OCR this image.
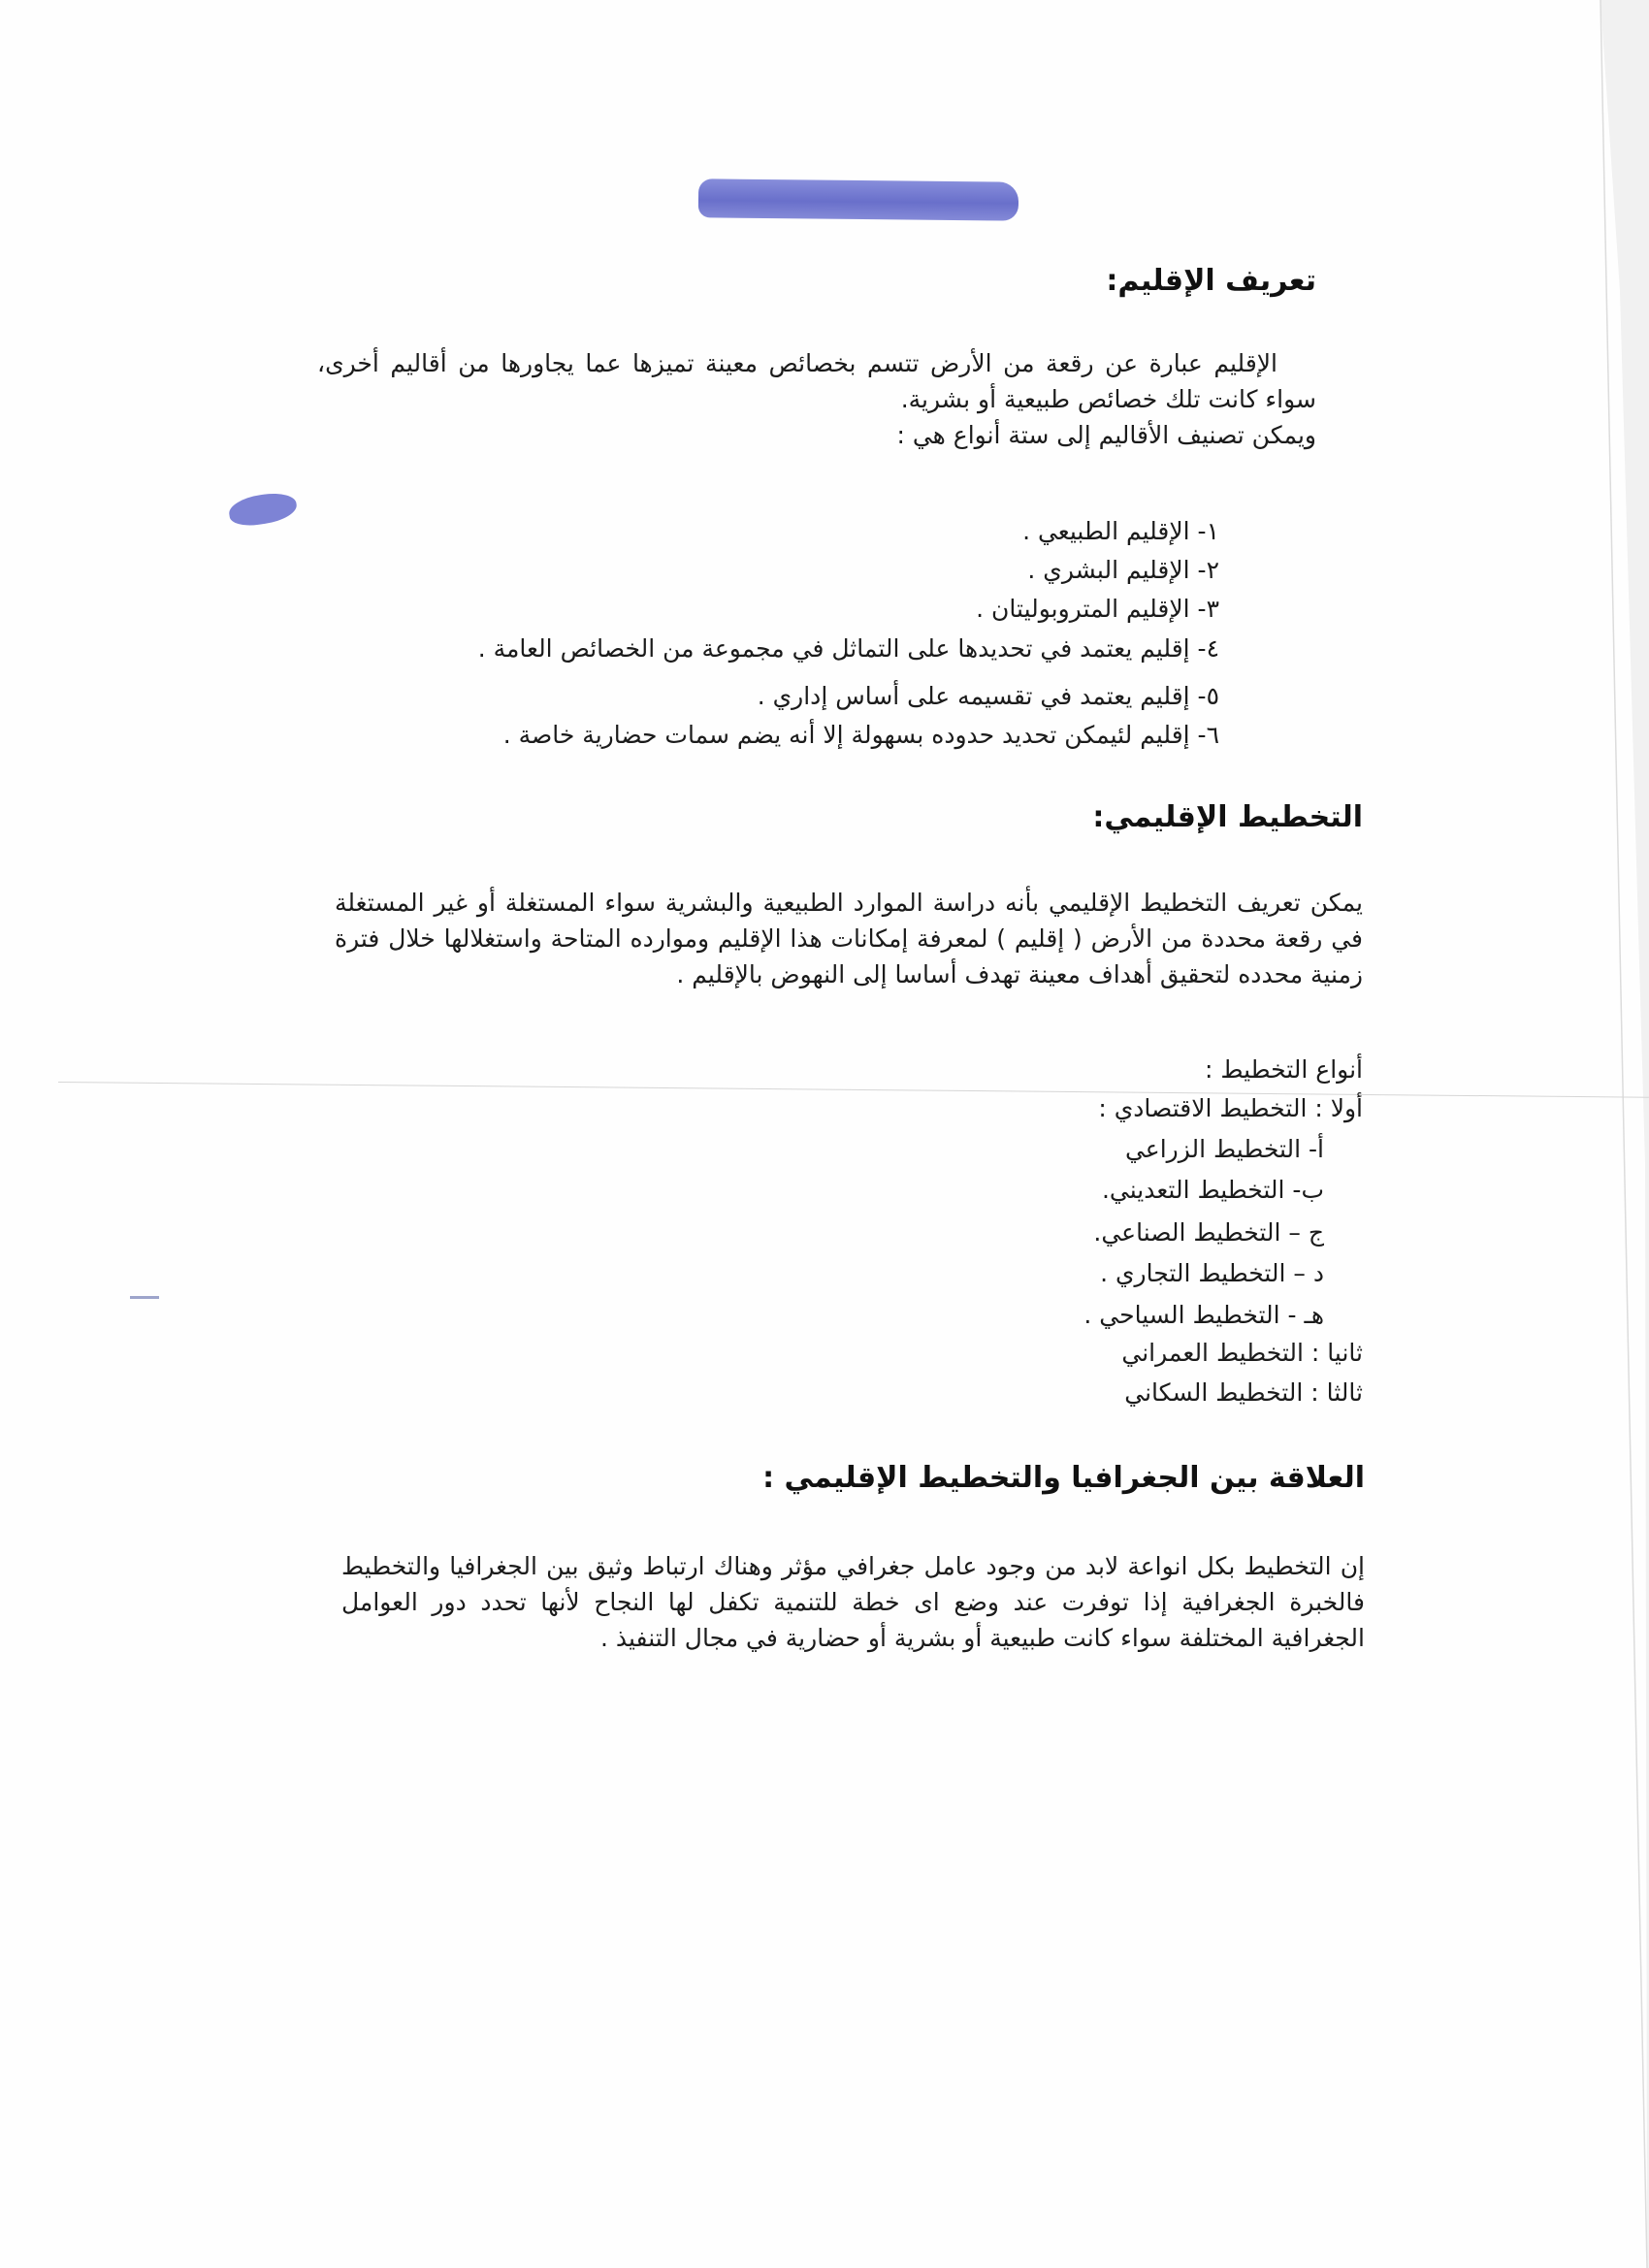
تعريف الإقليم:

الإقليم عبارة عن رقعة من الأرض تتسم بخصائص معينة تميزها عما يجاورها من أقاليم أخرى، سواء كانت تلك خصائص طبيعية أو بشرية.

ويمكن تصنيف الأقاليم إلى ستة أنواع هي :

١- الإقليم الطبيعي .
٢- الإقليم البشري .
٣- الإقليم المتروبوليتان .
٤- إقليم يعتمد في تحديدها على التماثل في مجموعة من الخصائص العامة .
٥- إقليم يعتمد في تقسيمه على أساس إداري .
٦- إقليم لئيمكن تحديد حدوده بسهولة إلا أنه يضم سمات حضارية خاصة .
التخطيط الإقليمي:
يمكن تعريف التخطيط الإقليمي بأنه دراسة الموارد الطبيعية والبشرية سواء المستغلة أو غير المستغلة في رقعة محددة من الأرض ( إقليم ) لمعرفة إمكانات هذا الإقليم وموارده المتاحة واستغلالها خلال فترة زمنية محدده لتحقيق أهداف معينة تهدف أساسا إلى النهوض بالإقليم .
أنواع التخطيط :
أولا : التخطيط الاقتصادي :
أ- التخطيط الزراعي
ب- التخطيط التعديني.
ج – التخطيط الصناعي.
د – التخطيط التجاري .
هـ - التخطيط السياحي .
ثانيا : التخطيط العمراني
ثالثا : التخطيط السكاني
العلاقة بين الجغرافيا والتخطيط الإقليمي :
إن التخطيط بكل انواعة لابد من وجود عامل جغرافي مؤثر وهناك ارتباط وثيق بين الجغرافيا والتخطيط فالخبرة الجغرافية إذا توفرت عند وضع اى خطة للتنمية تكفل لها النجاح لأنها تحدد دور العوامل الجغرافية المختلفة سواء كانت طبيعية أو بشرية أو حضارية في مجال التنفيذ .
